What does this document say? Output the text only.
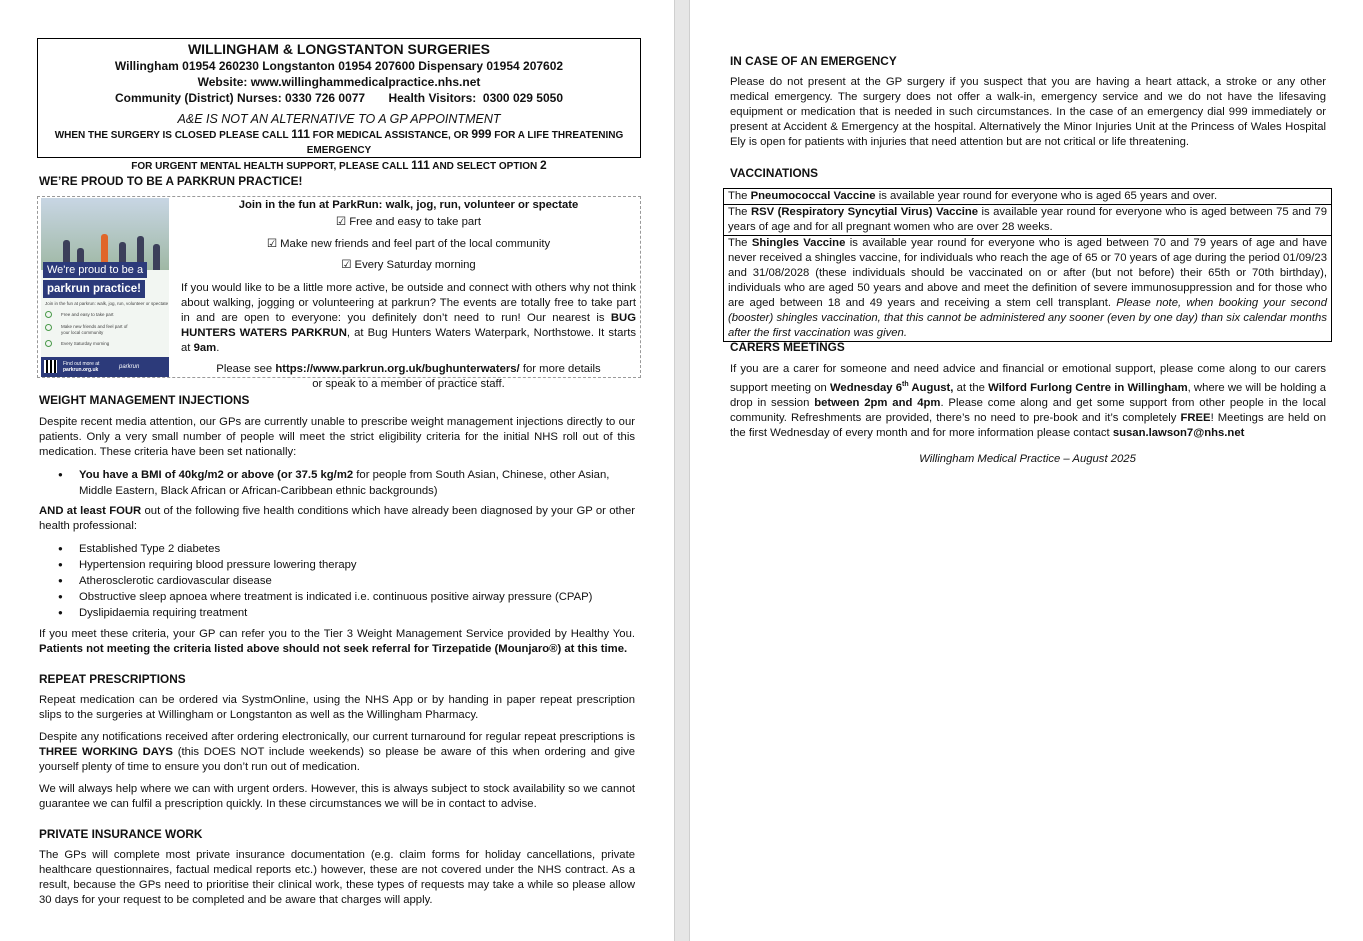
WILLINGHAM & LONGSTANTON SURGERIES
Willingham 01954 260230 Longstanton 01954 207600 Dispensary 01954 207602
Website: www.willinghammedicalpractice.nhs.net
Community (District) Nurses: 0330 726 0077       Health Visitors:  0300 029 5050
A&E IS NOT AN ALTERNATIVE TO A GP APPOINTMENT
WHEN THE SURGERY IS CLOSED PLEASE CALL 111 FOR MEDICAL ASSISTANCE, OR 999 FOR A LIFE THREATENING EMERGENCY
FOR URGENT MENTAL HEALTH SUPPORT, PLEASE CALL 111 AND SELECT OPTION 2
WE’RE PROUD TO BE A PARKRUN PRACTICE!
We're proud to be a
parkrun practice!
Join in the fun at parkrun: walk, jog, run, volunteer or spectate
Free and easy to take part
Make new friends and feel part of your local community
Every Saturday morning
Find out more at
parkrun.org.uk	parkrun
Join in the fun at ParkRun: walk, jog, run, volunteer or spectate
☑ Free and easy to take part
☑ Make new friends and feel part of the local community
☑ Every Saturday morning
If you would like to be a little more active, be outside and connect with others why not think about walking, jogging or volunteering at parkrun? The events are totally free to take part in and are open to everyone: you definitely don’t need to run! Our nearest is BUG HUNTERS WATERS PARKRUN, at Bug Hunters Waters Waterpark, Northstowe. It starts at 9am.
Please see https://www.parkrun.org.uk/bughunterwaters/ for more details
or speak to a member of practice staff.
WEIGHT MANAGEMENT INJECTIONS
Despite recent media attention, our GPs are currently unable to prescribe weight management injections directly to our patients. Only a very small number of people will meet the strict eligibility criteria for the initial NHS roll out of this medication. These criteria have been set nationally:
● You have a BMI of 40kg/m2 or above (or 37.5 kg/m2 for people from South Asian, Chinese, other Asian, Middle Eastern, Black African or African-Caribbean ethnic backgrounds)
AND at least FOUR out of the following five health conditions which have already been diagnosed by your GP or other health professional:
● Established Type 2 diabetes
● Hypertension requiring blood pressure lowering therapy
● Atherosclerotic cardiovascular disease
● Obstructive sleep apnoea where treatment is indicated i.e. continuous positive airway pressure (CPAP)
● Dyslipidaemia requiring treatment
If you meet these criteria, your GP can refer you to the Tier 3 Weight Management Service provided by Healthy You. Patients not meeting the criteria listed above should not seek referral for Tirzepatide (Mounjaro®) at this time.
REPEAT PRESCRIPTIONS
Repeat medication can be ordered via SystmOnline, using the NHS App or by handing in paper repeat prescription slips to the surgeries at Willingham or Longstanton as well as the Willingham Pharmacy.
Despite any notifications received after ordering electronically, our current turnaround for regular repeat prescriptions is THREE WORKING DAYS (this DOES NOT include weekends) so please be aware of this when ordering and give yourself plenty of time to ensure you don’t run out of medication.
We will always help where we can with urgent orders. However, this is always subject to stock availability so we cannot guarantee we can fulfil a prescription quickly. In these circumstances we will be in contact to advise.
PRIVATE INSURANCE WORK
The GPs will complete most private insurance documentation (e.g. claim forms for holiday cancellations, private healthcare questionnaires, factual medical reports etc.) however, these are not covered under the NHS contract. As a result, because the GPs need to prioritise their clinical work, these types of requests may take a while so please allow 30 days for your request to be completed and be aware that charges will apply.
IN CASE OF AN EMERGENCY
Please do not present at the GP surgery if you suspect that you are having a heart attack, a stroke or any other medical emergency. The surgery does not offer a walk-in, emergency service and we do not have the lifesaving equipment or medication that is needed in such circumstances. In the case of an emergency dial 999 immediately or present at Accident & Emergency at the hospital. Alternatively the Minor Injuries Unit at the Princess of Wales Hospital Ely is open for patients with injuries that need attention but are not critical or life threatening.
VACCINATIONS
The Pneumococcal Vaccine is available year round for everyone who is aged 65 years and over.
The RSV (Respiratory Syncytial Virus) Vaccine is available year round for everyone who is aged between 75 and 79 years of age and for all pregnant women who are over 28 weeks.
The Shingles Vaccine is available year round for everyone who is aged between 70 and 79 years of age and have never received a shingles vaccine, for individuals who reach the age of 65 or 70 years of age during the period 01/09/23 and 31/08/2028 (these individuals should be vaccinated on or after (but not before) their 65th or 70th birthday), individuals who are aged 50 years and above and meet the definition of severe immunosuppression and for those who are aged between 18 and 49 years and receiving a stem cell transplant. Please note, when booking your second (booster) shingles vaccination, that this cannot be administered any sooner (even by one day) than six calendar months after the first vaccination was given.
CARERS MEETINGS
If you are a carer for someone and need advice and financial or emotional support, please come along to our carers support meeting on Wednesday 6th August, at the Wilford Furlong Centre in Willingham, where we will be holding a drop in session between 2pm and 4pm. Please come along and get some support from other people in the local community. Refreshments are provided, there’s no need to pre-book and it’s completely FREE! Meetings are held on the first Wednesday of every month and for more information please contact susan.lawson7@nhs.net
Willingham Medical Practice – August 2025
